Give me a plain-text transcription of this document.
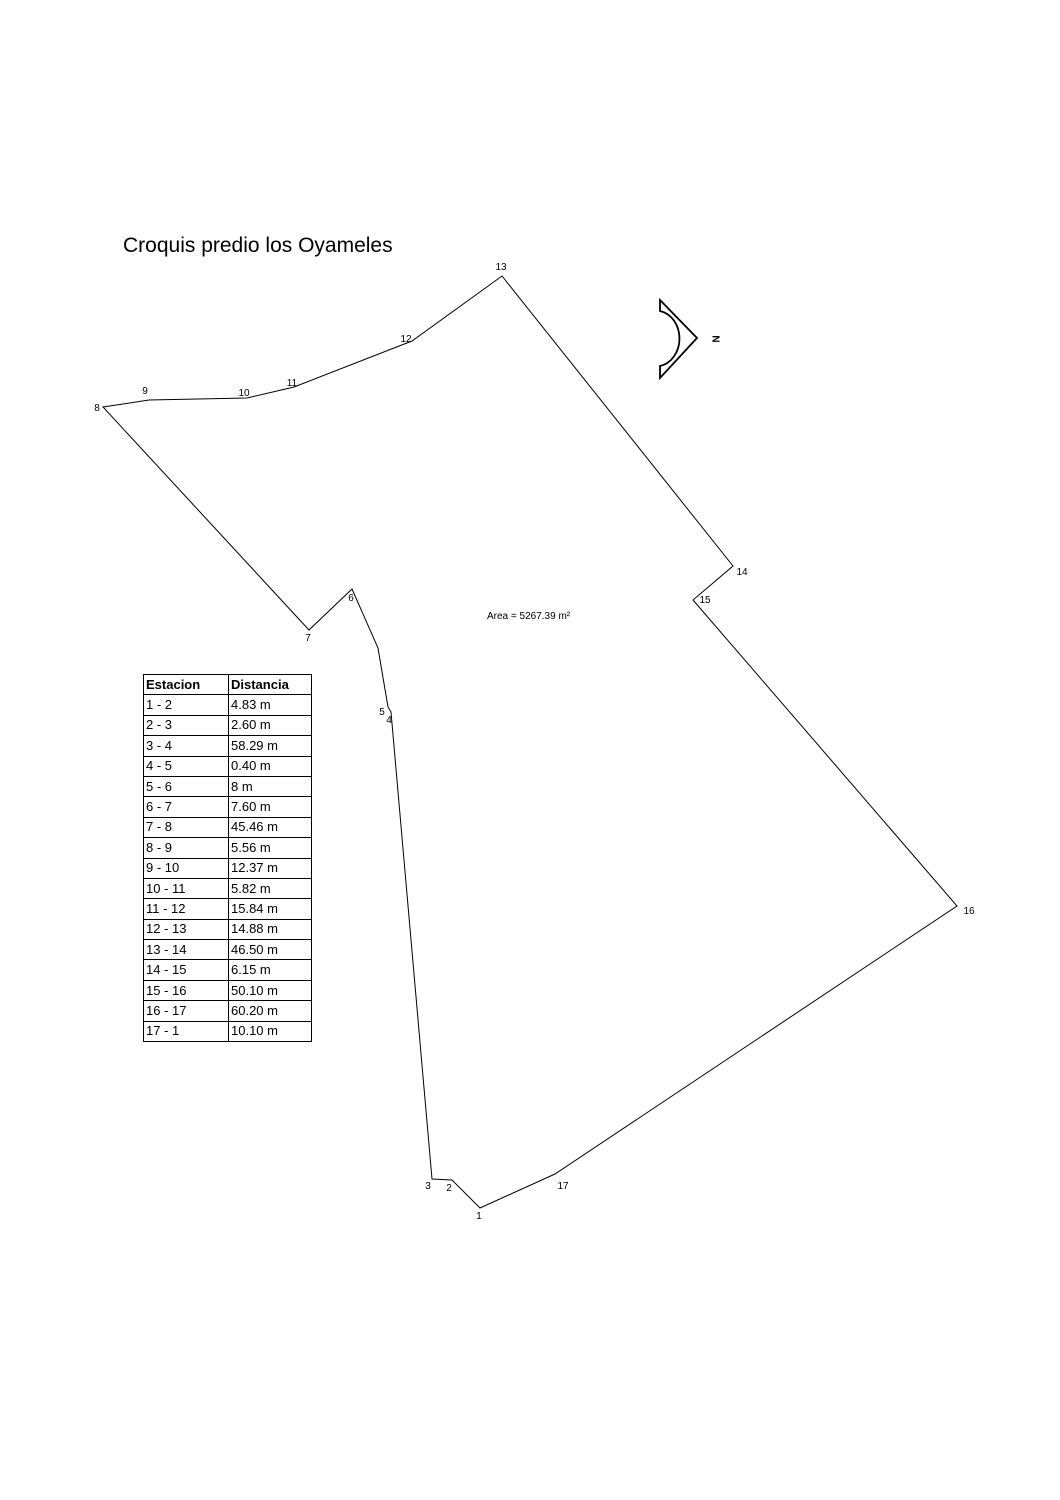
Croquis predio los Oyameles
1
2
3
4
5
6
7
8
9	10
11
12
13
14
15
16
17
Area = 5267.39 m²
N
Estacion	Distancia
1 - 2	4.83 m
2 - 3	2.60 m
3 - 4	58.29 m
4 - 5	0.40 m
5 - 6	8 m
6 - 7	7.60 m
7 - 8	45.46 m
8 - 9	5.56 m
9 - 10	12.37 m
10 - 11	5.82 m
11 - 12	15.84 m
12 - 13	14.88 m
13 - 14	46.50 m
14 - 15	6.15 m
15 - 16	50.10 m
16 - 17	60.20 m
17 - 1	10.10 m
